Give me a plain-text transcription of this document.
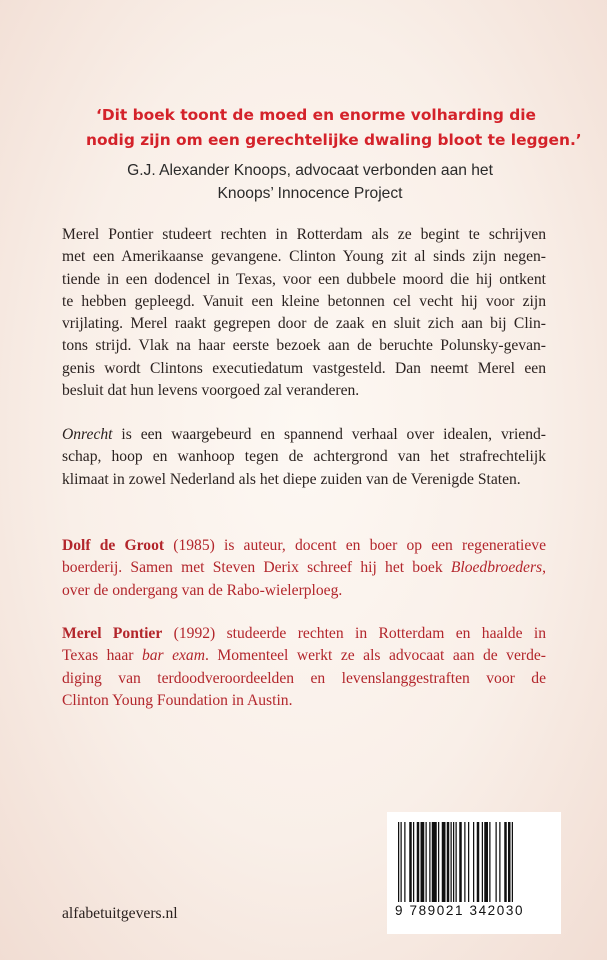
‘Dit boek toont de moed en enorme volharding die
nodig zijn om een gerechtelijke dwaling bloot te leggen.’
G.J. Alexander Knoops, advocaat verbonden aan het
Knoops’ Innocence Project
Merel Pontier studeert rechten in Rotterdam als ze begint te schrijven
met een Amerikaanse gevangene. Clinton Young zit al sinds zijn negen-
tiende in een dodencel in Texas, voor een dubbele moord die hij ontkent
te hebben gepleegd. Vanuit een kleine betonnen cel vecht hij voor zijn
vrijlating. Merel raakt gegrepen door de zaak en sluit zich aan bij Clin-
tons strijd. Vlak na haar eerste bezoek aan de beruchte Polunsky-gevan-
genis wordt Clintons executiedatum vastgesteld. Dan neemt Merel een
besluit dat hun levens voorgoed zal veranderen.
Onrecht is een waargebeurd en spannend verhaal over idealen, vriend-
schap, hoop en wanhoop tegen de achtergrond van het strafrechtelijk
klimaat in zowel Nederland als het diepe zuiden van de Verenigde Staten.
Dolf de Groot (1985) is auteur, docent en boer op een regeneratieve
boerderij. Samen met Steven Derix schreef hij het boek Bloedbroeders,
over de ondergang van de Rabo-wielerploeg.
Merel Pontier (1992) studeerde rechten in Rotterdam en haalde in
Texas haar bar exam. Momenteel werkt ze als advocaat aan de verde-
diging van terdoodveroordeelden en levenslanggestraften voor de
Clinton Young Foundation in Austin.
9 789021 342030
alfabetuitgevers.nl
